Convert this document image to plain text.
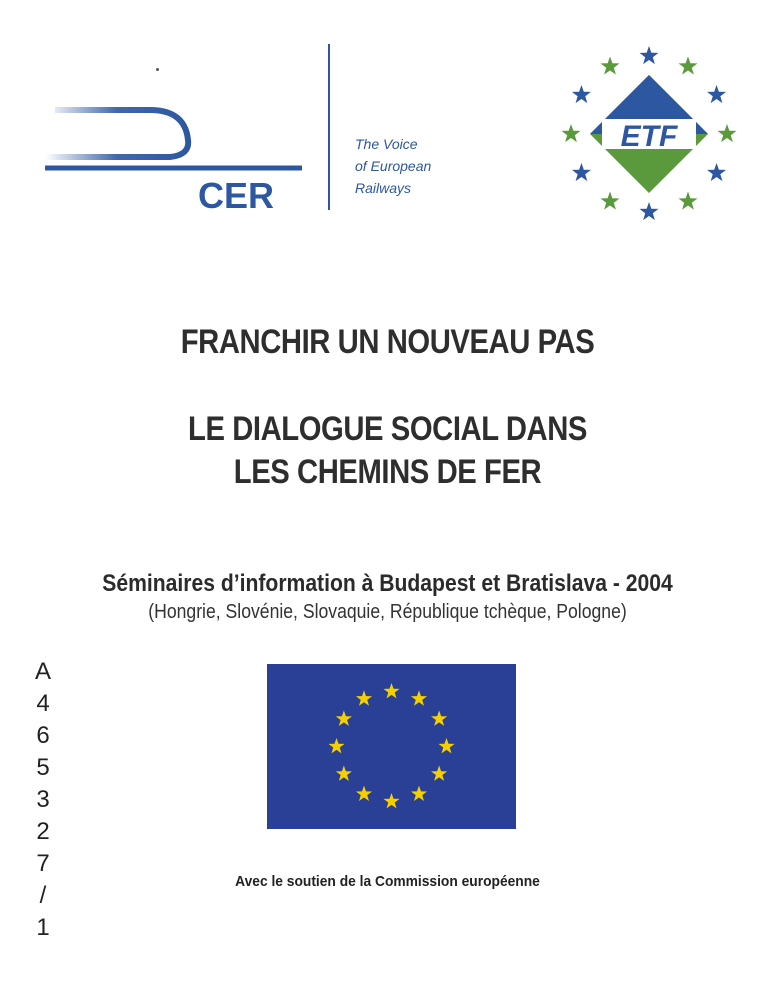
CER
The Voice
of European
Railways
ETF
FRANCHIR UN NOUVEAU PAS
LE DIALOGUE SOCIAL DANS
LES CHEMINS DE FER
Séminaires d’information à Budapest et Bratislava - 2004
(Hongrie, Slovénie, Slovaquie, République tchèque, Pologne)
A
4
6
5
3
2
7
/
1
Avec le soutien de la Commission européenne
